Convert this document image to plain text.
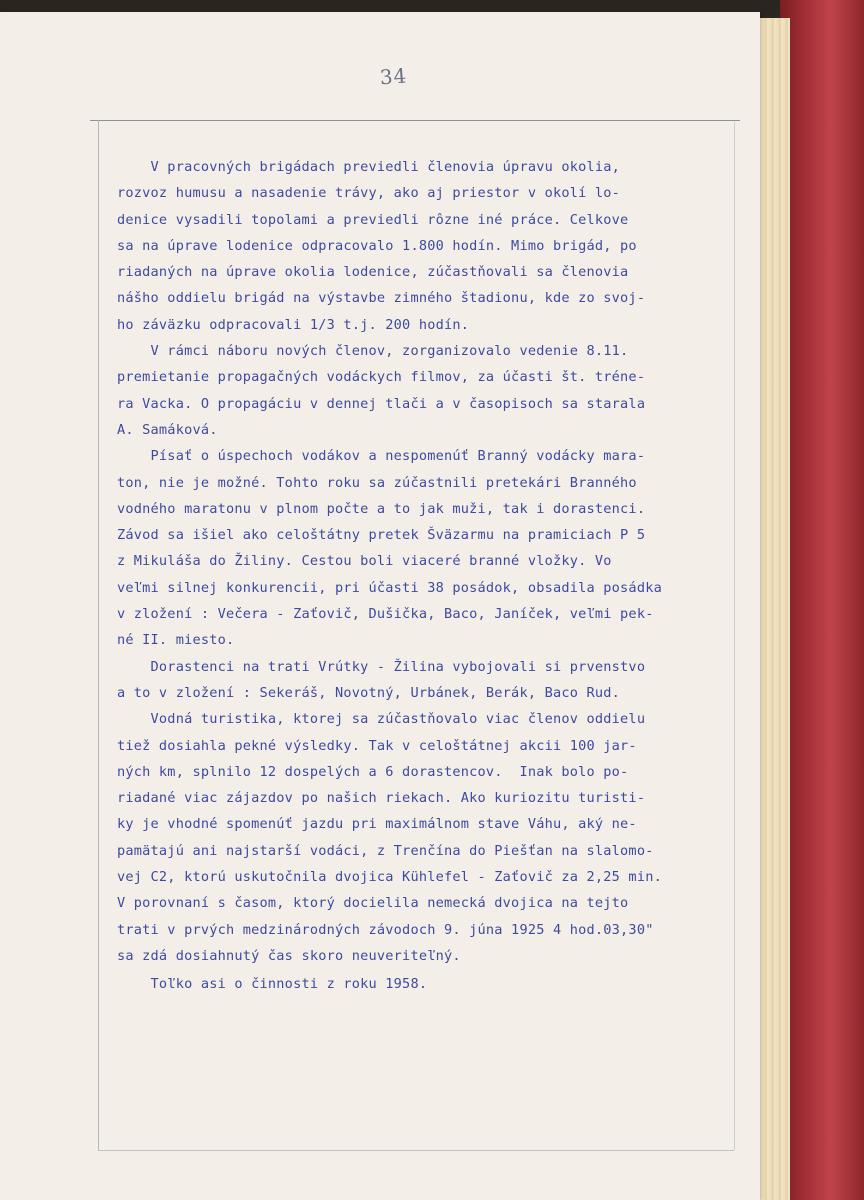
34
V pracovných brigádach previedli členovia úpravu okolia,
rozvoz humusu a nasadenie trávy, ako aj priestor v okolí lo-
denice vysadili topolami a previedli rôzne iné práce. Celkove
sa na úprave lodenice odpracovalo 1.800 hodín. Mimo brigád, po
riadaných na úprave okolia lodenice, zúčastňovali sa členovia
nášho oddielu brigád na výstavbe zimného štadionu, kde zo svoj-
ho záväzku odpracovali 1/3 t.j. 200 hodín.
V rámci náboru nových členov, zorganizovalo vedenie 8.11.
premietanie propagačných vodáckych filmov, za účasti št. tréne-
ra Vacka. O propagáciu v dennej tlači a v časopisoch sa starala
A. Samáková.
Písať o úspechoch vodákov a nespomenúť Branný vodácky mara-
ton, nie je možné. Tohto roku sa zúčastnili pretekári Branného
vodného maratonu v plnom počte a to jak muži, tak i dorastenci.
Závod sa išiel ako celoštátny pretek Šväzarmu na pramiciach P 5
z Mikuláša do Žiliny. Cestou boli viaceré branné vložky. Vo
veľmi silnej konkurencii, pri účasti 38 posádok, obsadila posádka
v zložení : Večera - Zaťovič, Dušička, Baco, Janíček, veľmi pek-
né II. miesto.
Dorastenci na trati Vrútky - Žilina vybojovali si prvenstvo
a to v zložení : Sekeráš, Novotný, Urbánek, Berák, Baco Rud.
Vodná turistika, ktorej sa zúčastňovalo viac členov oddielu
tiež dosiahla pekné výsledky. Tak v celoštátnej akcii 100 jar-
ných km, splnilo 12 dospelých a 6 dorastencov.  Inak bolo po-
riadané viac zájazdov po našich riekach. Ako kuriozitu turisti-
ky je vhodné spomenúť jazdu pri maximálnom stave Váhu, aký ne-
pamätajú ani najstarší vodáci, z Trenčína do Piešťan na slalomo-
vej C2, ktorú uskutočnila dvojica Kühlefel - Zaťovič za 2,25 min.
V porovnaní s časom, ktorý docielila nemecká dvojica na tejto
trati v prvých medzinárodných závodoch 9. júna 1925 4 hod.03,30"
sa zdá dosiahnutý čas skoro neuveriteľný.
Toľko asi o činnosti z roku 1958.
